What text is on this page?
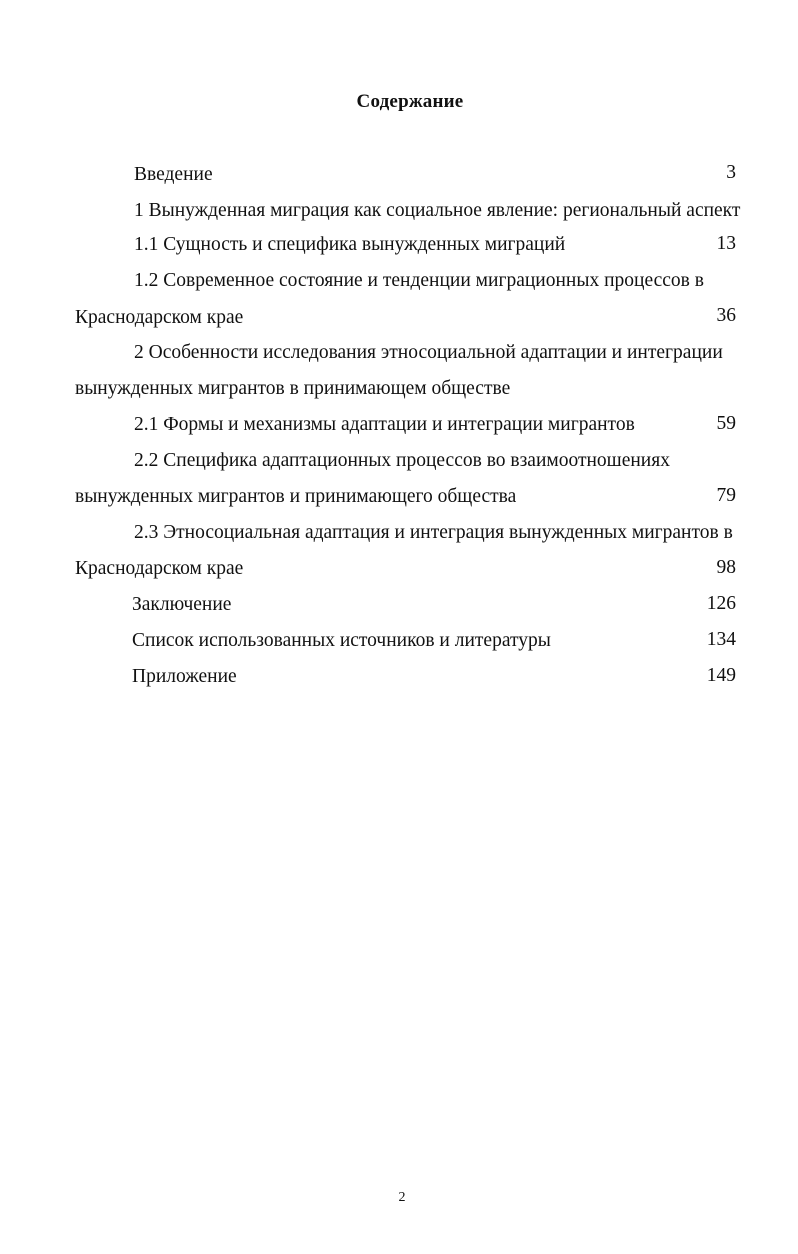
Содержание
Введение	3
1 Вынужденная миграция как социальное явление: региональный аспект
1.1 Сущность и специфика вынужденных миграций	13
1.2 Современное состояние и тенденции миграционных процессов в
Краснодарском крае	36
2 Особенности исследования этносоциальной адаптации и интеграции
вынужденных мигрантов в принимающем обществе
2.1 Формы и механизмы адаптации и интеграции мигрантов	59
2.2 Специфика адаптационных процессов во взаимоотношениях
вынужденных мигрантов и принимающего общества	79
2.3 Этносоциальная адаптация и интеграция вынужденных мигрантов в
Краснодарском крае	98
Заключение	126
Список использованных источников и литературы	134
Приложение	149
2
